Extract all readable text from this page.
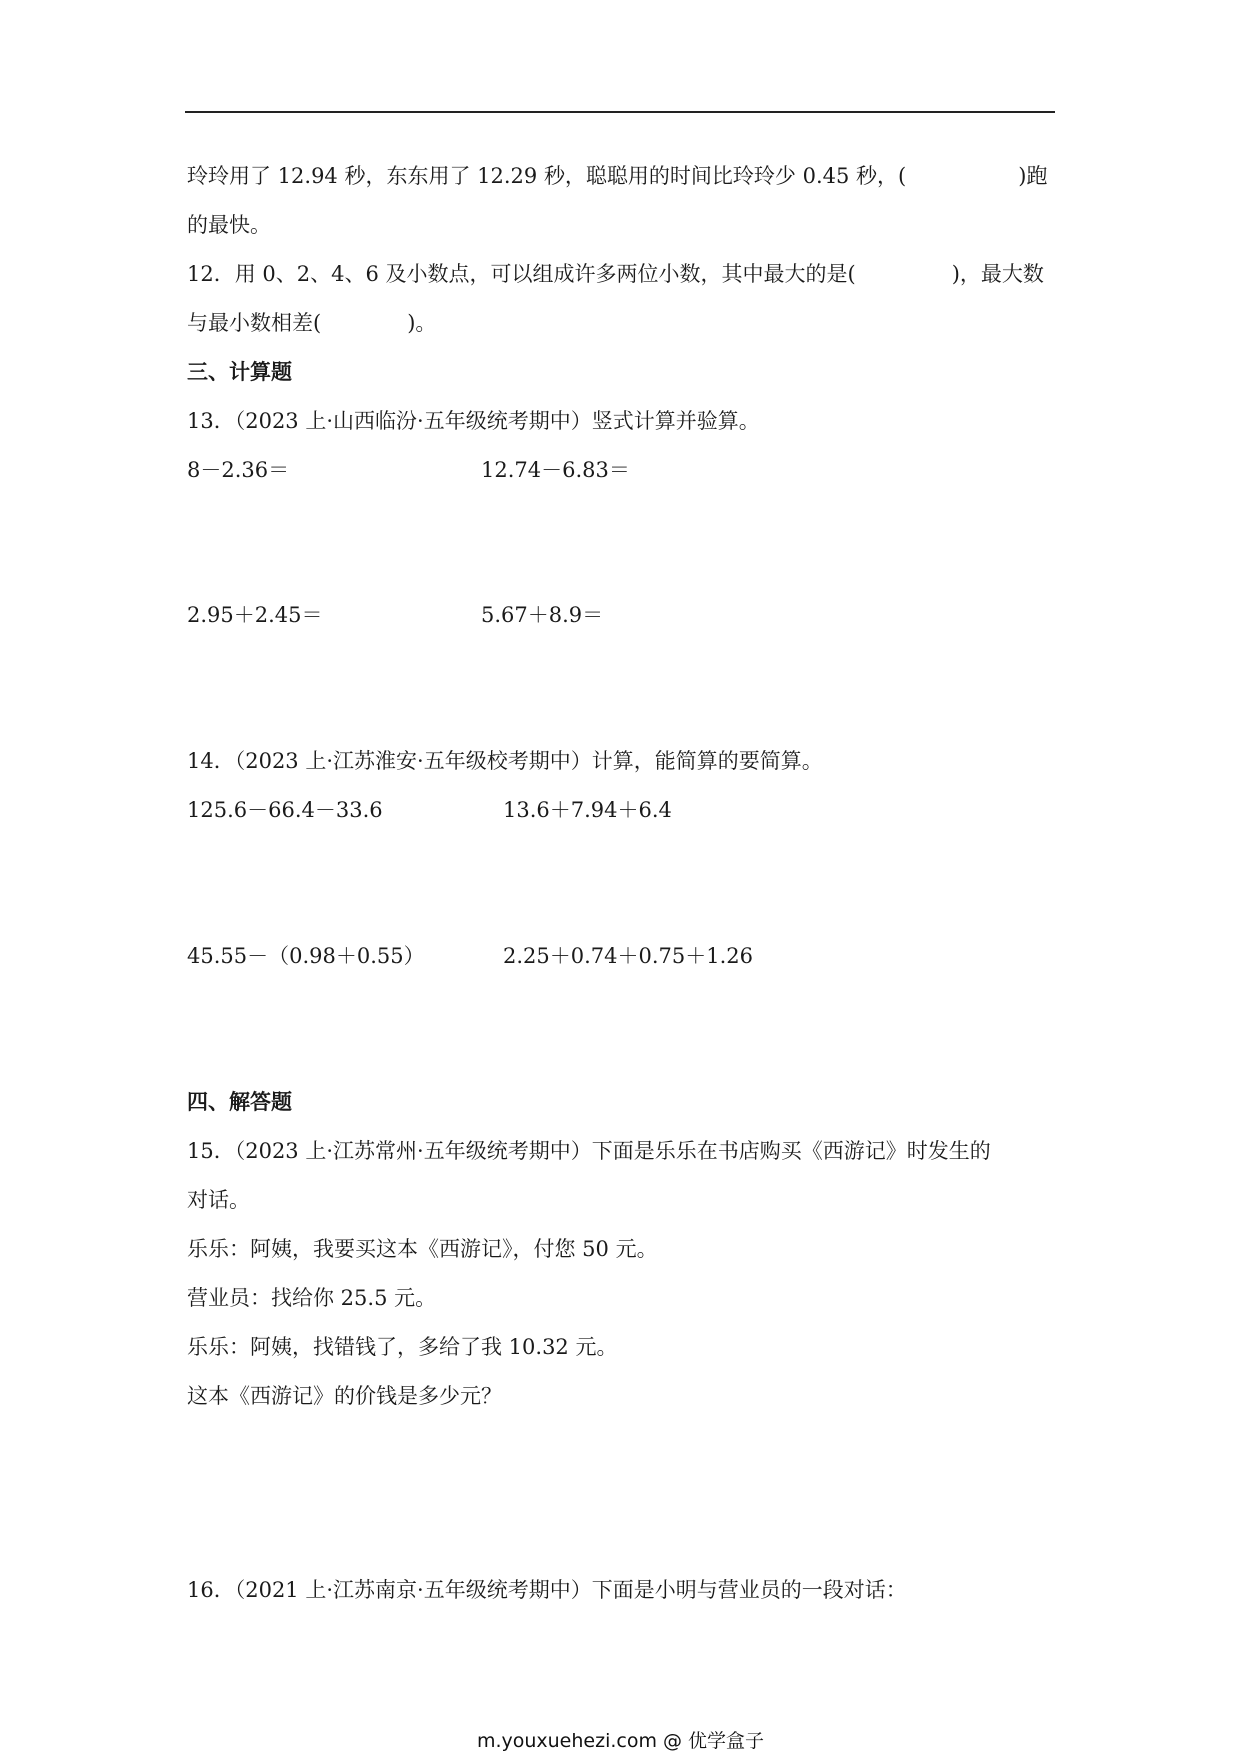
玲玲用了 12.94 秒，东东用了 12.29 秒，聪聪用的时间比玲玲少 0.45 秒，(	)跑
的最快。
12．用 0、2、4、6 及小数点，可以组成许多两位小数，其中最大的是(	)，最大数
与最小数相差(	)。
三、计算题
13．（2023 上·山西临汾·五年级统考期中）竖式计算并验算。
8－2.36＝	12.74－6.83＝
2.95＋2.45＝	5.67＋8.9＝
14．（2023 上·江苏淮安·五年级校考期中）计算，能简算的要简算。
125.6－66.4－33.6	13.6＋7.94＋6.4
45.55－（0.98＋0.55）	2.25＋0.74＋0.75＋1.26
四、解答题
15．（2023 上·江苏常州·五年级统考期中）下面是乐乐在书店购买《西游记》时发生的
对话。
乐乐：阿姨，我要买这本《西游记》，付您 50 元。
营业员：找给你 25.5 元。
乐乐：阿姨，找错钱了，多给了我 10.32 元。
这本《西游记》的价钱是多少元？
16．（2021 上·江苏南京·五年级统考期中）下面是小明与营业员的一段对话：
m.youxuehezi.com @ 优学盒子
